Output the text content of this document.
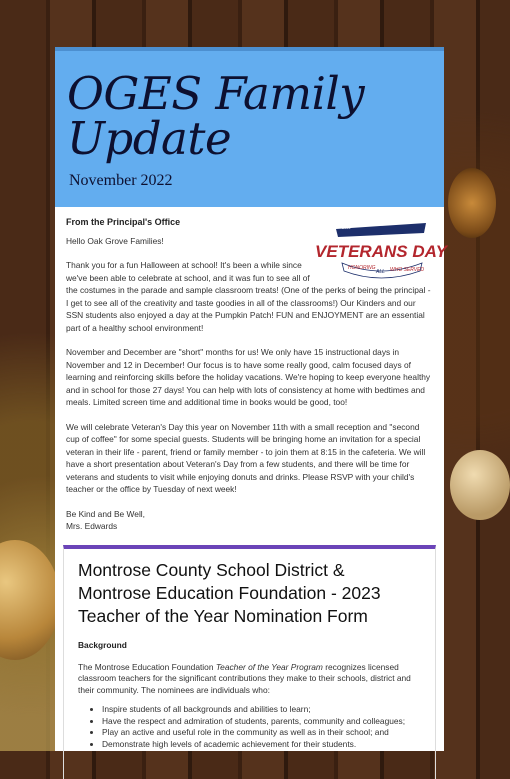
OGES Family Update
November 2022
2022
VETERANS DAY
HONORING
ALL WHO SERVED
From the Principal's Office

Hello Oak Grove Families!

Thank you for a fun Halloween at school! It's been a while since we've been able to celebrate at school, and it was fun to see all of

the costumes in the parade and sample classroom treats! (One of the perks of being the principal - I get to see all of the creativity and taste goodies in all of the classrooms!) Our Kinders and our SSN students also enjoyed a day at the Pumpkin Patch! FUN and ENJOYMENT are an essential part of a healthy school environment!

November and December are "short" months for us! We only have 15 instructional days in November and 12 in December! Our focus is to have some really good, calm focused days of learning and reinforcing skills before the holiday vacations. We're hoping to keep everyone healthy and in school for those 27 days! You can help with lots of consistency at home with bedtimes and meals. Limited screen time and additional time in books would be good, too!

We will celebrate Veteran's Day this year on November 11th with a small reception and "second cup of coffee" for some special guests. Students will be bringing home an invitation for a special veteran in their life - parent, friend or family member - to join them at 8:15 in the cafeteria. We will have a short presentation about Veteran's Day from a few students, and there will be time for veterans and students to visit while enjoying donuts and drinks. Please RSVP with your child's teacher or the office by Tuesday of next week!

Be Kind and Be Well,
Mrs. Edwards
Montrose County School District & Montrose Education Foundation - 2023 Teacher of the Year Nomination Form
Background

The Montrose Education Foundation Teacher of the Year Program recognizes licensed classroom teachers for the significant contributions they make to their schools, district and their community. The nominees are individuals who:

• Inspire students of all backgrounds and abilities to learn;
• Have the respect and admiration of students, parents, community and colleagues;
• Play an active and useful role in the community as well as in their school; and
• Demonstrate high levels of academic achievement for their students.
